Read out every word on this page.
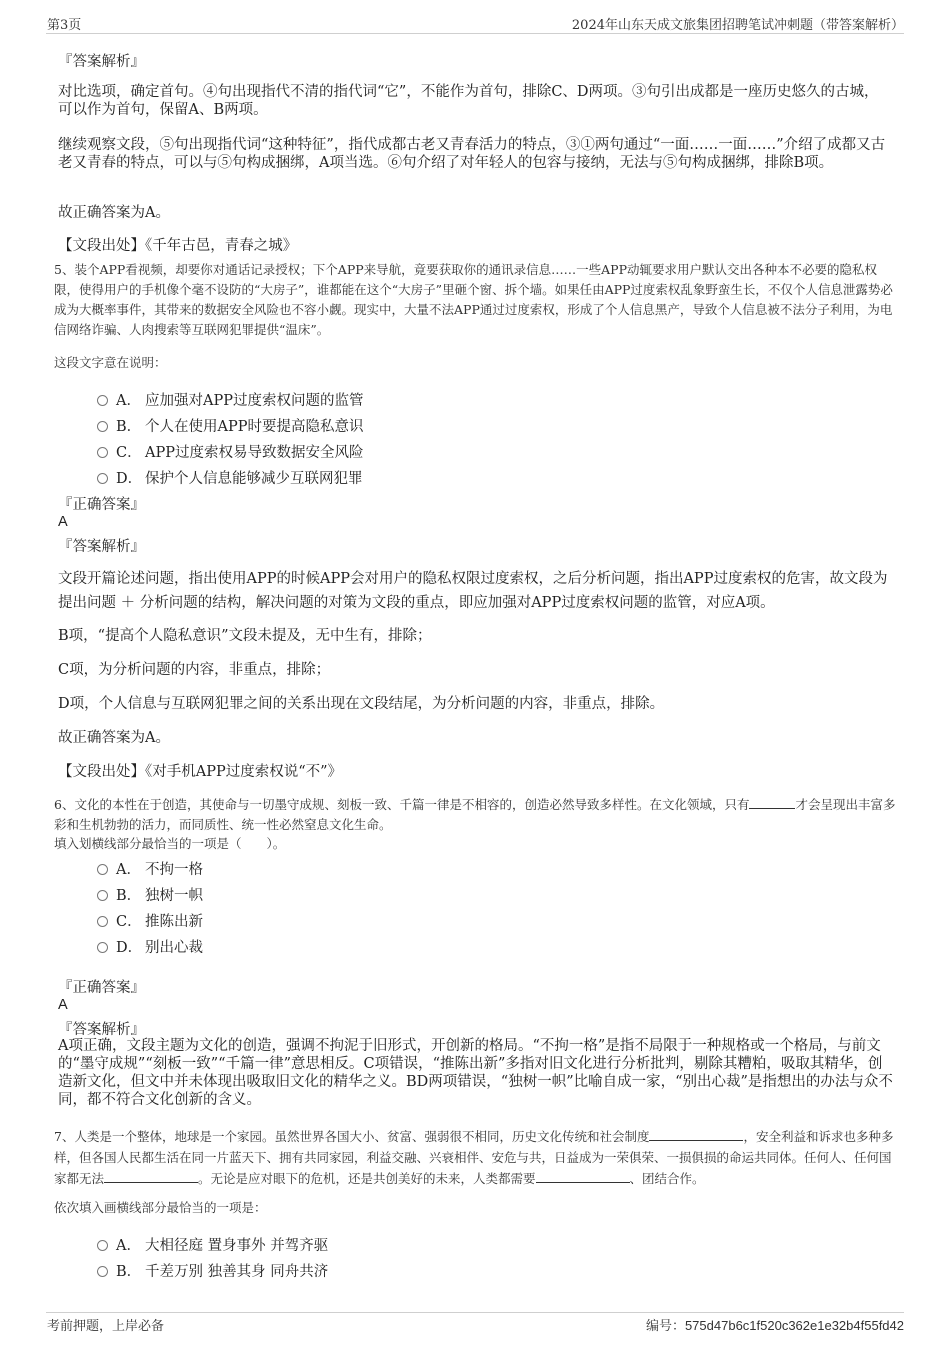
第3页	2024年山东天成文旅集团招聘笔试冲刺题（带答案解析）
『答案解析』
对比选项，确定首句。④句出现指代不清的指代词“它”，不能作为首句，排除C、D两项。③句引出成都是一座历史悠久的古城，可以作为首句，保留A、B两项。
继续观察文段，⑤句出现指代词“这种特征”，指代成都古老又青春活力的特点，③①两句通过“一面……一面……”介绍了成都又古老又青春的特点，可以与⑤句构成捆绑，A项当选。⑥句介绍了对年轻人的包容与接纳，无法与⑤句构成捆绑，排除B项。
故正确答案为A。
【文段出处】《千年古邑，青春之城》
5、装个APP看视频，却要你对通话记录授权；下个APP来导航，竟要获取你的通讯录信息……一些APP动辄要求用户默认交出各种本不必要的隐私权限，使得用户的手机像个毫不设防的“大房子”，谁都能在这个“大房子”里砸个窗、拆个墙。如果任由APP过度索权乱象野蛮生长，不仅个人信息泄露势必成为大概率事件，其带来的数据安全风险也不容小觑。现实中，大量不法APP通过过度索权，形成了个人信息黑产，导致个人信息被不法分子利用，为电信网络诈骗、人肉搜索等互联网犯罪提供“温床”。
这段文字意在说明：
A． 应加强对APP过度索权问题的监管
B． 个人在使用APP时要提高隐私意识
C． APP过度索权易导致数据安全风险
D． 保护个人信息能够减少互联网犯罪
『正确答案』
A
『答案解析』
文段开篇论述问题，指出使用APP的时候APP会对用户的隐私权限过度索权，之后分析问题，指出APP过度索权的危害，故文段为提出问题 ＋ 分析问题的结构，解决问题的对策为文段的重点，即应加强对APP过度索权问题的监管，对应A项。
B项，“提高个人隐私意识”文段未提及，无中生有，排除；
C项，为分析问题的内容，非重点，排除；
D项，个人信息与互联网犯罪之间的关系出现在文段结尾，为分析问题的内容，非重点，排除。
故正确答案为A。
【文段出处】《对手机APP过度索权说“不”》
6、文化的本性在于创造，其使命与一切墨守成规、刻板一致、千篇一律是不相容的，创造必然导致多样性。在文化领域，只有	才会呈现出丰富多彩和生机勃勃的活力，而同质性、统一性必然窒息文化生命。
填入划横线部分最恰当的一项是（　　）。
A． 不拘一格
B． 独树一帜
C． 推陈出新
D． 别出心裁
『正确答案』
A
『答案解析』
A项正确，文段主题为文化的创造，强调不拘泥于旧形式，开创新的格局。“不拘一格”是指不局限于一种规格或一个格局，与前文的“墨守成规”“刻板一致”“千篇一律”意思相反。C项错误，“推陈出新”多指对旧文化进行分析批判，剔除其糟粕，吸取其精华，创造新文化，但文中并未体现出吸取旧文化的精华之义。BD两项错误，“独树一帜”比喻自成一家，“别出心裁”是指想出的办法与众不同，都不符合文化创新的含义。
7、人类是一个整体，地球是一个家园。虽然世界各国大小、贫富、强弱很不相同，历史文化传统和社会制度	，安全利益和诉求也多种多样，但各国人民都生活在同一片蓝天下、拥有共同家园，利益交融、兴衰相伴、安危与共，日益成为一荣俱荣、一损俱损的命运共同体。任何人、任何国家都无法	。无论是应对眼下的危机，还是共创美好的未来，人类都需要	、团结合作。
依次填入画横线部分最恰当的一项是：
A． 大相径庭 置身事外 并驾齐驱
B． 千差万别 独善其身 同舟共济
考前押题，上岸必备	编号：575d47b6c1f520c362e1e32b4f55fd42
